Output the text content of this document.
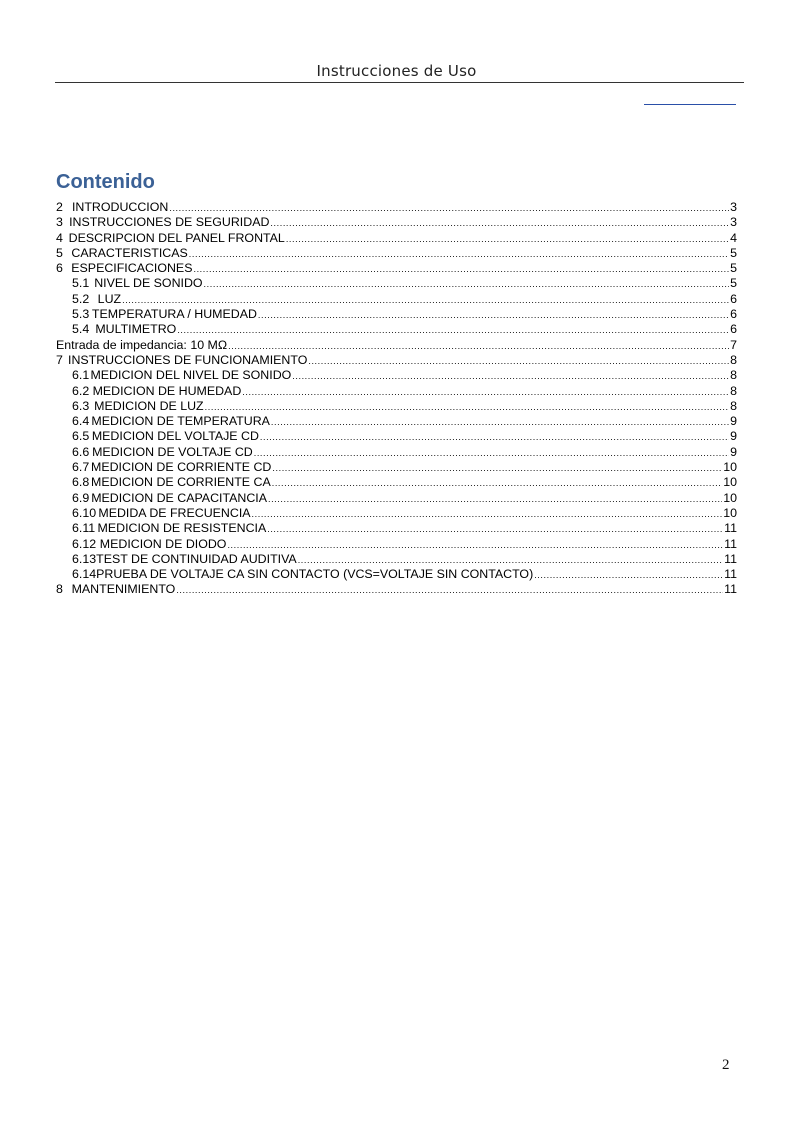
Instrucciones de Uso
Contenido
2 INTRODUCCION .....	3
3 INSTRUCCIONES DE SEGURIDAD .....	3
4 DESCRIPCION DEL PANEL FRONTAL .....	4
5 CARACTERISTICAS .....	5
6 ESPECIFICACIONES .....	5
5.1 NIVEL DE SONIDO .....	5
5.2 LUZ .....	6
5.3 TEMPERATURA / HUMEDAD .....	6
5.4 MULTIMETRO .....	6
Entrada de impedancia: 10 MΩ .....	7
7 INSTRUCCIONES DE FUNCIONAMIENTO .....	8
6.1 MEDICION DEL NIVEL DE SONIDO .....	8
6.2 MEDICION DE HUMEDAD .....	8
6.3 MEDICION DE LUZ .....	8
6.4 MEDICION DE TEMPERATURA .....	9
6.5 MEDICION DEL VOLTAJE CD .....	9
6.6 MEDICION DE VOLTAJE CD .....	9
6.7 MEDICION DE CORRIENTE CD .....	10
6.8 MEDICION DE CORRIENTE CA .....	10
6.9 MEDICION DE CAPACITANCIA .....	10
6.10 MEDIDA DE FRECUENCIA .....	10
6.11 MEDICION DE RESISTENCIA .....	11
6.12 MEDICION DE DIODO .....	11
6.13 TEST DE CONTINUIDAD AUDITIVA .....	11
6.14 PRUEBA DE VOLTAJE CA SIN CONTACTO (VCS=VOLTAJE SIN CONTACTO) .....	11
8 MANTENIMIENTO .....	11
2
